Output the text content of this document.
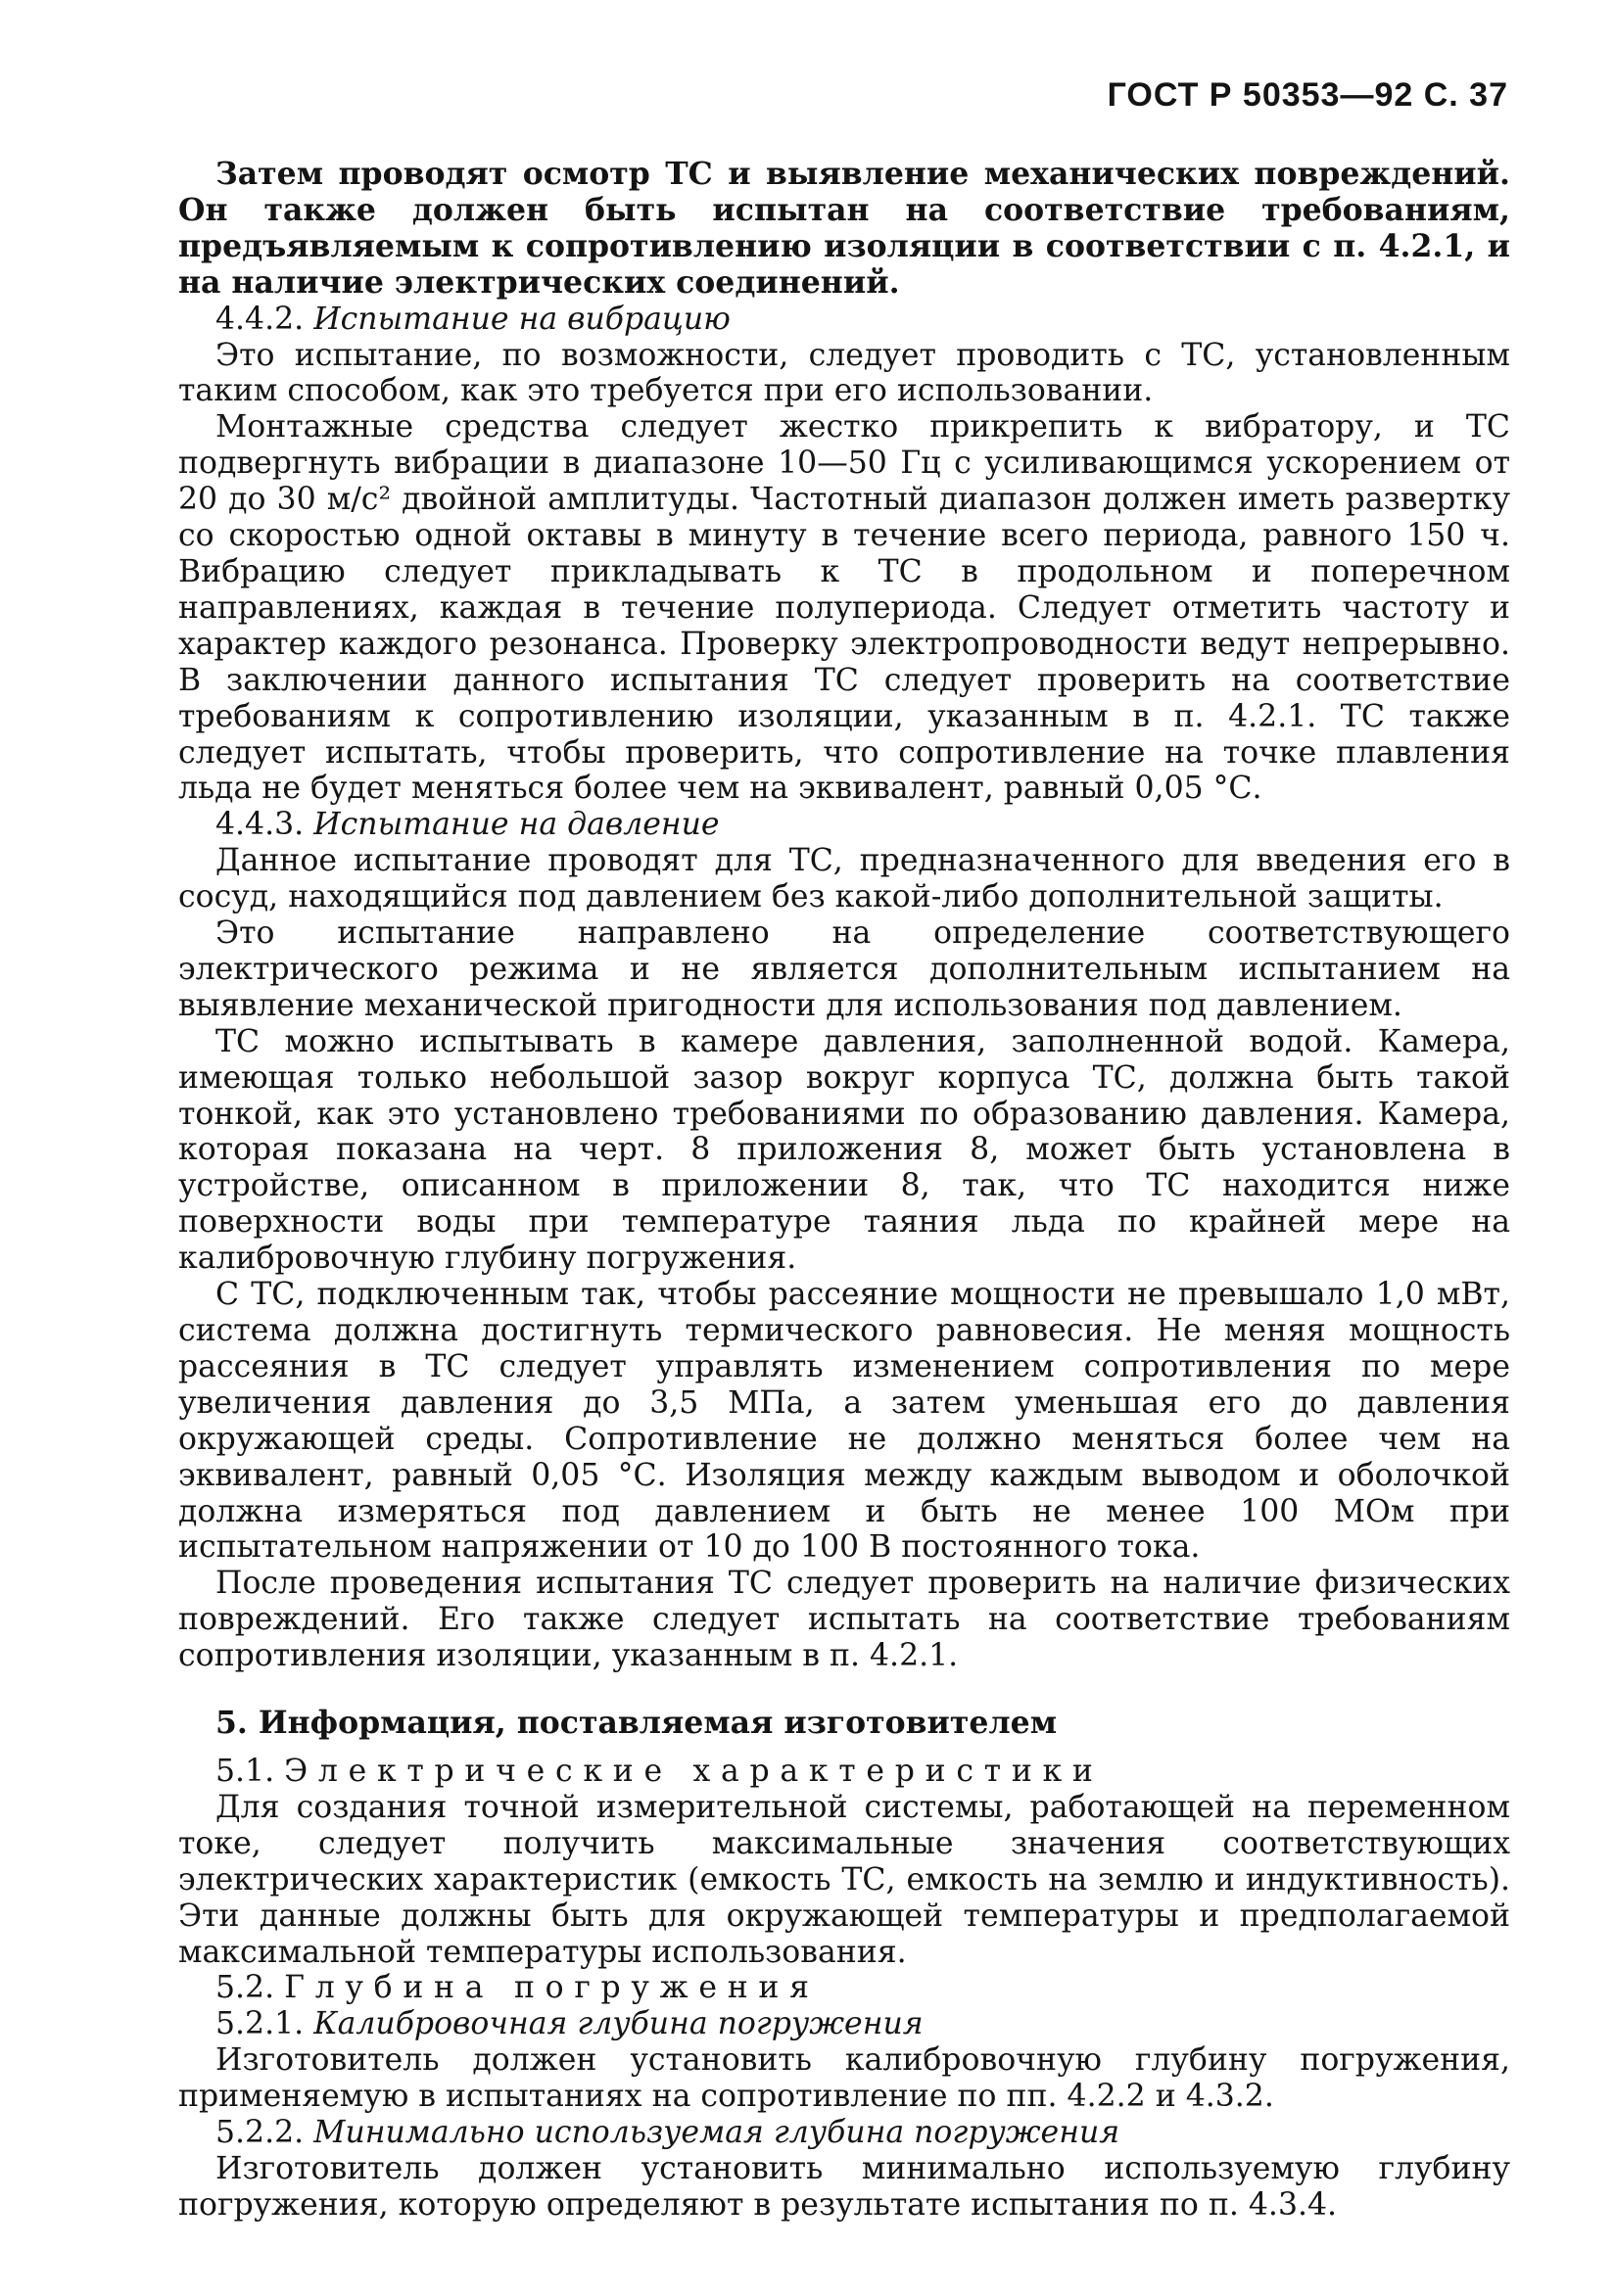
ГОСТ Р 50353—92 С. 37

Затем проводят осмотр ТС и выявление механических повреждений. Он также должен быть испытан на соответствие требованиям, предъявляемым к сопротивлению изоляции в соответствии с п. 4.2.1, и на наличие электрических соединений.

4.4.2. Испытание на вибрацию

Это испытание, по возможности, следует проводить с ТС, установленным таким способом, как это требуется при его использовании.

Монтажные средства следует жестко прикрепить к вибратору, и ТС подвергнуть вибрации в диапазоне 10—50 Гц с усиливающимся ускорением от 20 до 30 м/с² двойной амплитуды. Частотный диапазон должен иметь развертку со скоростью одной октавы в минуту в течение всего периода, равного 150 ч. Вибрацию следует прикладывать к ТС в продольном и поперечном направлениях, каждая в течение полупериода. Следует отметить частоту и характер каждого резонанса. Проверку электропроводности ведут непрерывно. В заключении данного испытания ТС следует проверить на соответствие требованиям к сопротивлению изоляции, указанным в п. 4.2.1. ТС также следует испытать, чтобы проверить, что сопротивление на точке плавления льда не будет меняться более чем на эквивалент, равный 0,05 °С.

4.4.3. Испытание на давление

Данное испытание проводят для ТС, предназначенного для введения его в сосуд, находящийся под давлением без какой-либо дополнительной защиты.

Это испытание направлено на определение соответствующего электрического режима и не является дополнительным испытанием на выявление механической пригодности для использования под давлением.

ТС можно испытывать в камере давления, заполненной водой. Камера, имеющая только небольшой зазор вокруг корпуса ТС, должна быть такой тонкой, как это установлено требованиями по образованию давления. Камера, которая показана на черт. 8 приложения 8, может быть установлена в устройстве, описанном в приложении 8, так, что ТС находится ниже поверхности воды при температуре таяния льда по крайней мере на калибровочную глубину погружения.

С ТС, подключенным так, чтобы рассеяние мощности не превышало 1,0 мВт, система должна достигнуть термического равновесия. Не меняя мощность рассеяния в ТС следует управлять изменением сопротивления по мере увеличения давления до 3,5 МПа, а затем уменьшая его до давления окружающей среды. Сопротивление не должно меняться более чем на эквивалент, равный 0,05 °С. Изоляция между каждым выводом и оболочкой должна измеряться под давлением и быть не менее 100 МОм при испытательном напряжении от 10 до 100 В постоянного тока.

После проведения испытания ТС следует проверить на наличие физических повреждений. Его также следует испытать на соответствие требованиям сопротивления изоляции, указанным в п. 4.2.1.

5. Информация, поставляемая изготовителем

5.1. Электрические характеристики

Для создания точной измерительной системы, работающей на переменном токе, следует получить максимальные значения соответствующих электрических характеристик (емкость ТС, емкость на землю и индуктивность). Эти данные должны быть для окружающей температуры и предполагаемой максимальной температуры использования.

5.2. Глубина погружения

5.2.1. Калибровочная глубина погружения

Изготовитель должен установить калибровочную глубину погружения, применяемую в испытаниях на сопротивление по пп. 4.2.2 и 4.3.2.

5.2.2. Минимально используемая глубина погружения

Изготовитель должен установить минимально используемую глубину погружения, которую определяют в результате испытания по п. 4.3.4.
